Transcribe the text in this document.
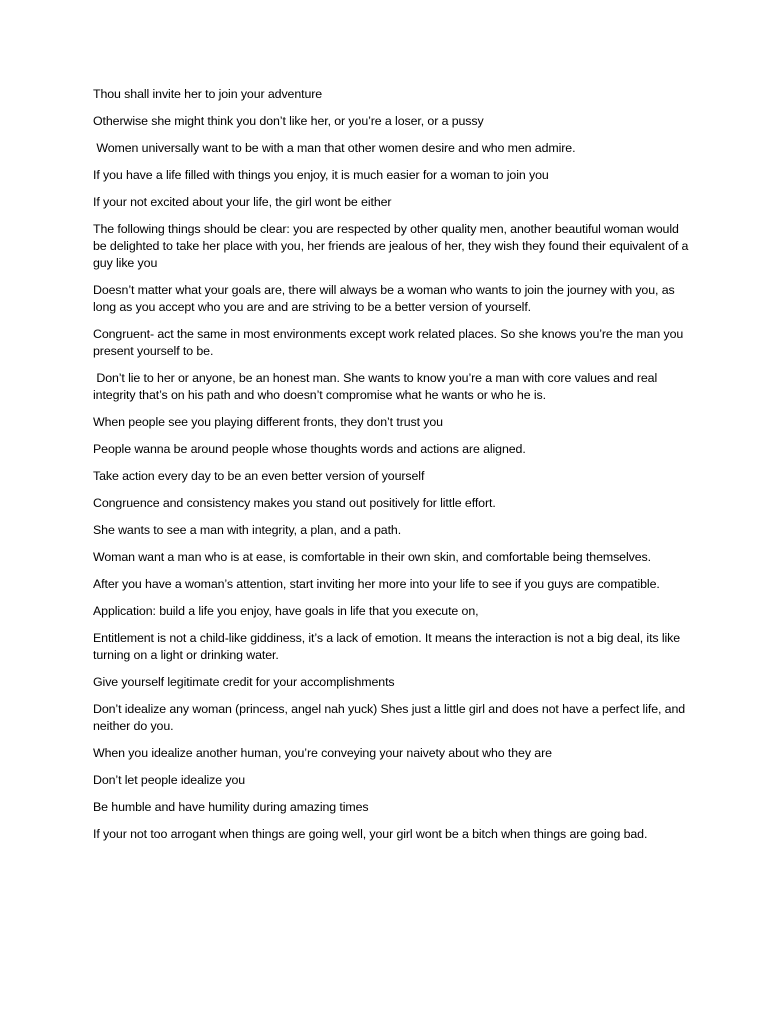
Thou shall invite her to join your adventure

Otherwise she might think you don’t like her, or you’re a loser, or a pussy

Women universally want to be with a man that other women desire and who men admire.

If you have a life filled with things you enjoy, it is much easier for a woman to join you

If your not excited about your life, the girl wont be either

The following things should be clear: you are respected by other quality men, another beautiful woman would be delighted to take her place with you, her friends are jealous of her, they wish they found their equivalent of a guy like you

Doesn’t matter what your goals are, there will always be a woman who wants to join the journey with you, as long as you accept who you are and are striving to be a better version of yourself.

Congruent- act the same in most environments except work related places. So she knows you’re the man you present yourself to be.

Don’t lie to her or anyone, be an honest man. She wants to know you’re a man with core values and real integrity that’s on his path and who doesn’t compromise what he wants or who he is.

When people see you playing different fronts, they don’t trust you

People wanna be around people whose thoughts words and actions are aligned.

Take action every day to be an even better version of yourself

Congruence and consistency makes you stand out positively for little effort.

She wants to see a man with integrity, a plan, and a path.

Woman want a man who is at ease, is comfortable in their own skin, and comfortable being themselves.

After you have a woman’s attention, start inviting her more into your life to see if you guys are compatible.

Application: build a life you enjoy, have goals in life that you execute on,

Entitlement is not a child-like giddiness, it’s a lack of emotion. It means the interaction is not a big deal, its like turning on a light or drinking water.

Give yourself legitimate credit for your accomplishments

Don’t idealize any woman (princess, angel nah yuck) Shes just a little girl and does not have a perfect life, and neither do you.

When you idealize another human, you’re conveying your naivety about who they are

Don’t let people idealize you

Be humble and have humility during amazing times

If your not too arrogant when things are going well, your girl wont be a bitch when things are going bad.
